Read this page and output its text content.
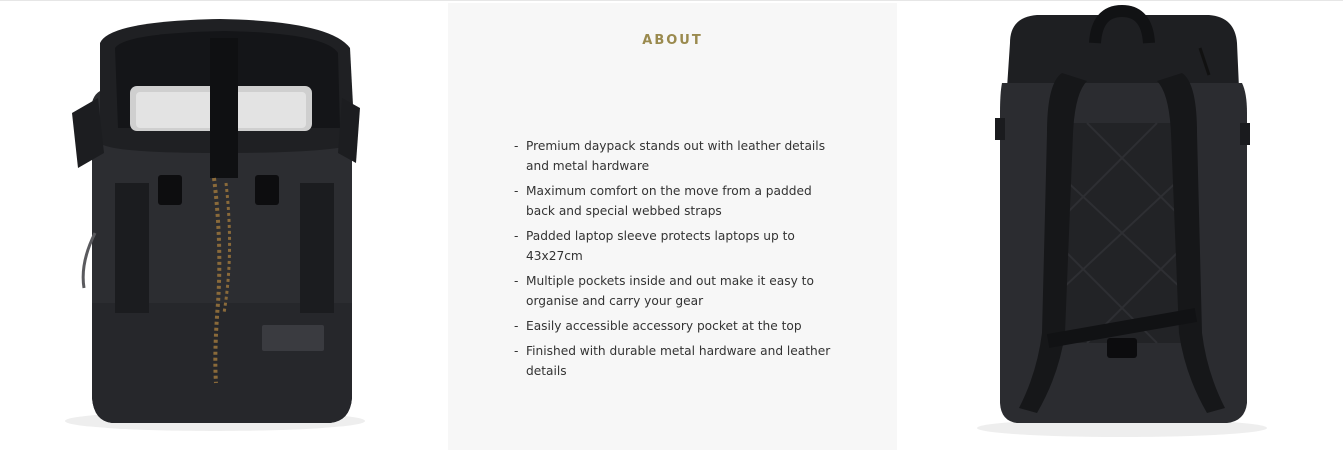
ABOUT
- Premium daypack stands out with leather details and metal hardware
- Maximum comfort on the move from a padded back and special webbed straps
- Padded laptop sleeve protects laptops up to 43x27cm
- Multiple pockets inside and out make it easy to organise and carry your gear
- Easily accessible accessory pocket at the top
- Finished with durable metal hardware and leather details
